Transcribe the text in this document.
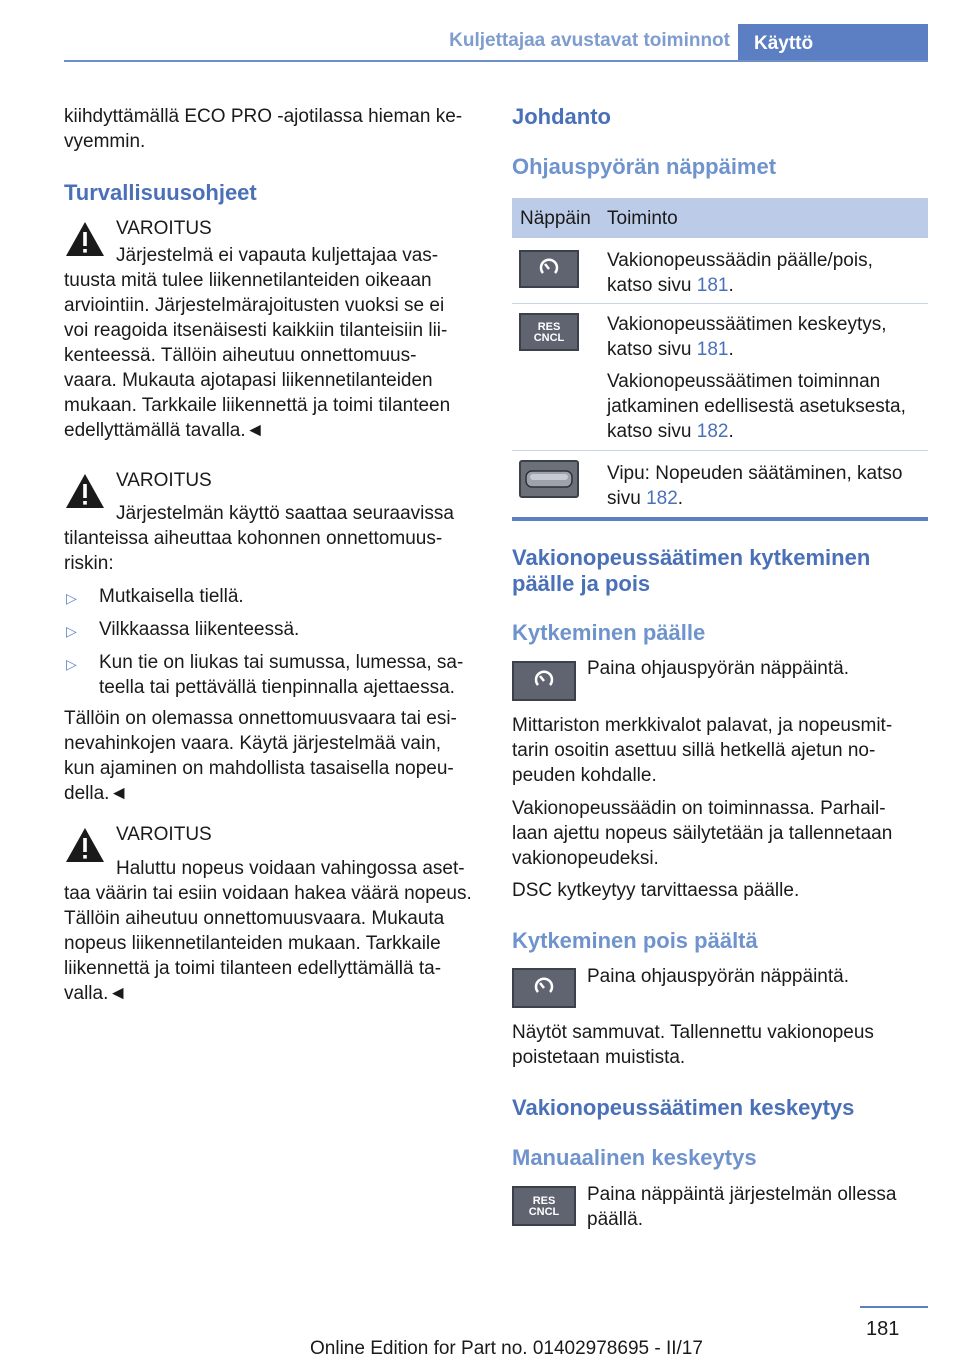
Kuljettajaa avustavat toiminnot Käyttö
kiihdyttämällä ECO PRO -ajotilassa hieman ke-
vyemmin.
Turvallisuusohjeet
VAROITUS
Järjestelmä ei vapauta kuljettajaa vas-
tuusta mitä tulee liikennetilanteiden oikeaan
arviointiin. Järjestelmärajoitusten vuoksi se ei
voi reagoida itsenäisesti kaikkiin tilanteisiin lii-
kenteessä. Tällöin aiheutuu onnettomuus-
vaara. Mukauta ajotapasi liikennetilanteiden
mukaan. Tarkkaile liikennettä ja toimi tilanteen
edellyttämällä tavalla.◄
VAROITUS
Järjestelmän käyttö saattaa seuraavissa
tilanteissa aiheuttaa kohonnen onnettomuus-
riskin:
▷ Mutkaisella tiellä.
▷ Vilkkaassa liikenteessä.
▷ Kun tie on liukas tai sumussa, lumessa, sa-
teella tai pettävällä tienpinnalla ajettaessa.
Tällöin on olemassa onnettomuusvaara tai esi-
nevahinkojen vaara. Käytä järjestelmää vain,
kun ajaminen on mahdollista tasaisella nopeu-
della.◄
VAROITUS
Haluttu nopeus voidaan vahingossa aset-
taa väärin tai esiin voidaan hakea väärä nopeus.
Tällöin aiheutuu onnettomuusvaara. Mukauta
nopeus liikennetilanteiden mukaan. Tarkkaile
liikennettä ja toimi tilanteen edellyttämällä ta-
valla.◄
Johdanto
Ohjauspyörän näppäimet
Näppäin Toiminto
Vakionopeussäädin päälle/pois,
katso sivu 181.
RES
CNCL
Vakionopeussäätimen keskeytys,
katso sivu 181.
Vakionopeussäätimen toiminnan
jatkaminen edellisestä asetuksesta,
katso sivu 182.
Vipu: Nopeuden säätäminen, katso
sivu 182.
Vakionopeussäätimen kytkeminen
päälle ja pois
Kytkeminen päälle
Paina ohjauspyörän näppäintä.
Mittariston merkkivalot palavat, ja nopeusmit-
tarin osoitin asettuu sillä hetkellä ajetun no-
peuden kohdalle.
Vakionopeussäädin on toiminnassa. Parhail-
laan ajettu nopeus säilytetään ja tallennetaan
vakionopeudeksi.
DSC kytkeytyy tarvittaessa päälle.
Kytkeminen pois päältä
Paina ohjauspyörän näppäintä.
Näytöt sammuvat. Tallennettu vakionopeus
poistetaan muistista.
Vakionopeussäätimen keskeytys
Manuaalinen keskeytys
RES
CNCL
Paina näppäintä järjestelmän ollessa
päällä.
181
Online Edition for Part no. 01402978695 - II/17
